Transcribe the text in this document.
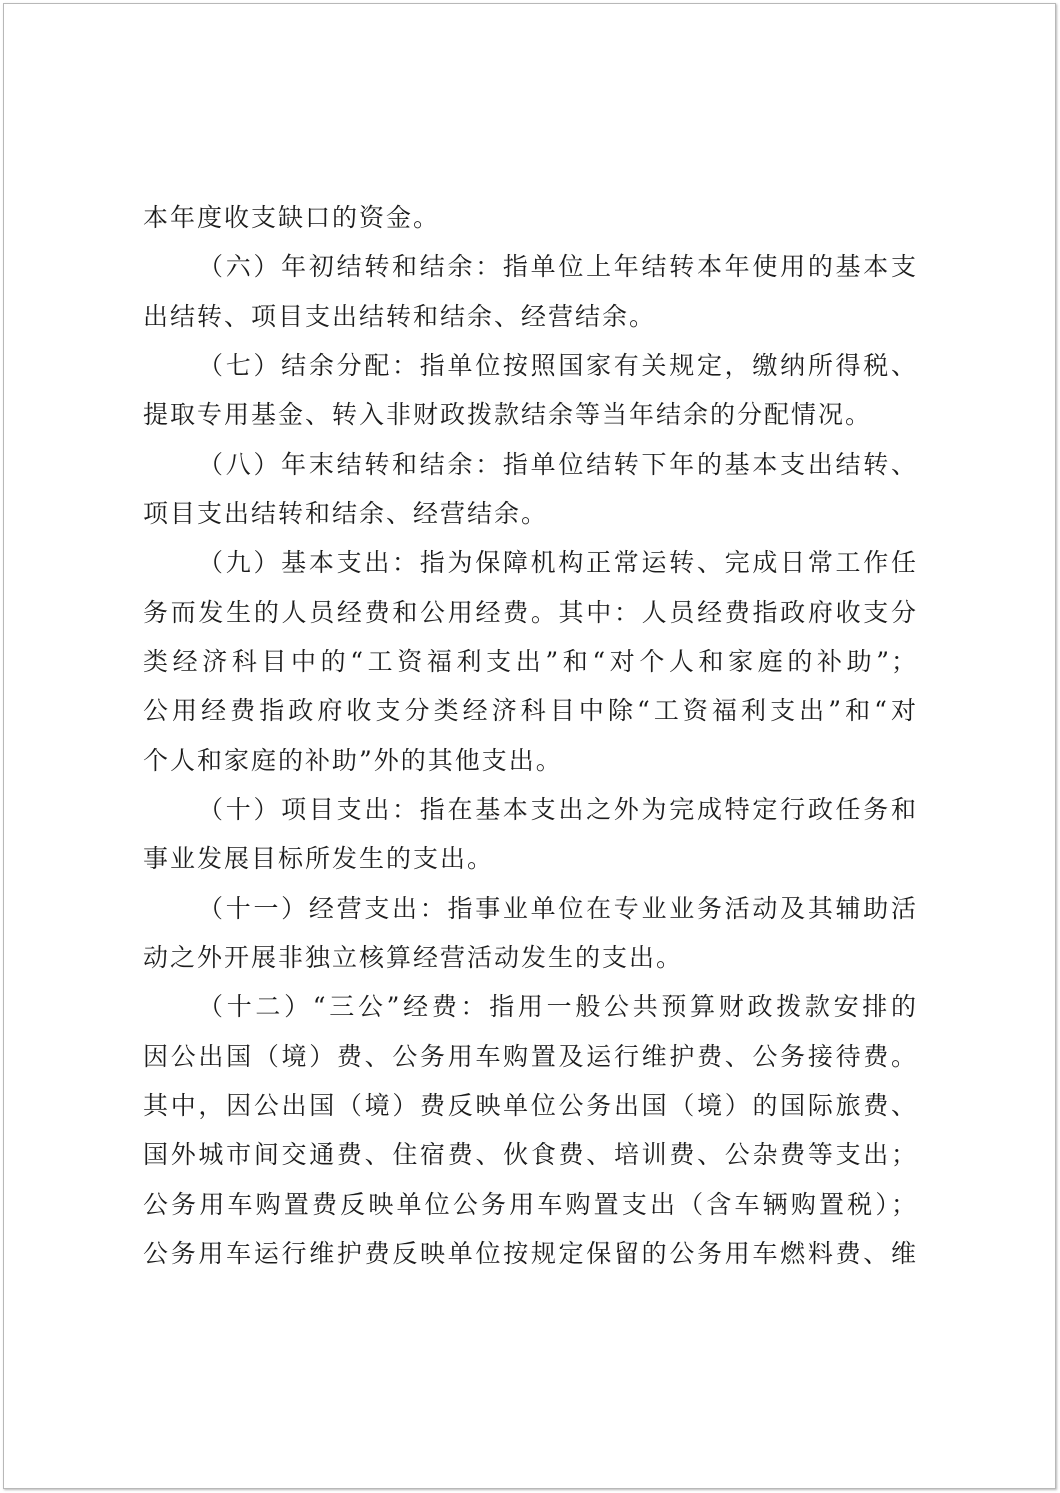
本年度收支缺口的资金。
（六）年初结转和结余：指单位上年结转本年使用的基本支
出结转、项目支出结转和结余、经营结余。
（七）结余分配：指单位按照国家有关规定，缴纳所得税、
提取专用基金、转入非财政拨款结余等当年结余的分配情况。
（八）年末结转和结余：指单位结转下年的基本支出结转、
项目支出结转和结余、经营结余。
（九）基本支出：指为保障机构正常运转、完成日常工作任
务而发生的人员经费和公用经费。其中：人员经费指政府收支分
类经济科目中的“工资福利支出”和“对个人和家庭的补助”；
公用经费指政府收支分类经济科目中除“工资福利支出”和“对
个人和家庭的补助”外的其他支出。
（十）项目支出：指在基本支出之外为完成特定行政任务和
事业发展目标所发生的支出。
（十一）经营支出：指事业单位在专业业务活动及其辅助活
动之外开展非独立核算经营活动发生的支出。
（十二）“三公”经费：指用一般公共预算财政拨款安排的
因公出国（境）费、公务用车购置及运行维护费、公务接待费。
其中，因公出国（境）费反映单位公务出国（境）的国际旅费、
国外城市间交通费、住宿费、伙食费、培训费、公杂费等支出；
公务用车购置费反映单位公务用车购置支出（含车辆购置税）；
公务用车运行维护费反映单位按规定保留的公务用车燃料费、维
